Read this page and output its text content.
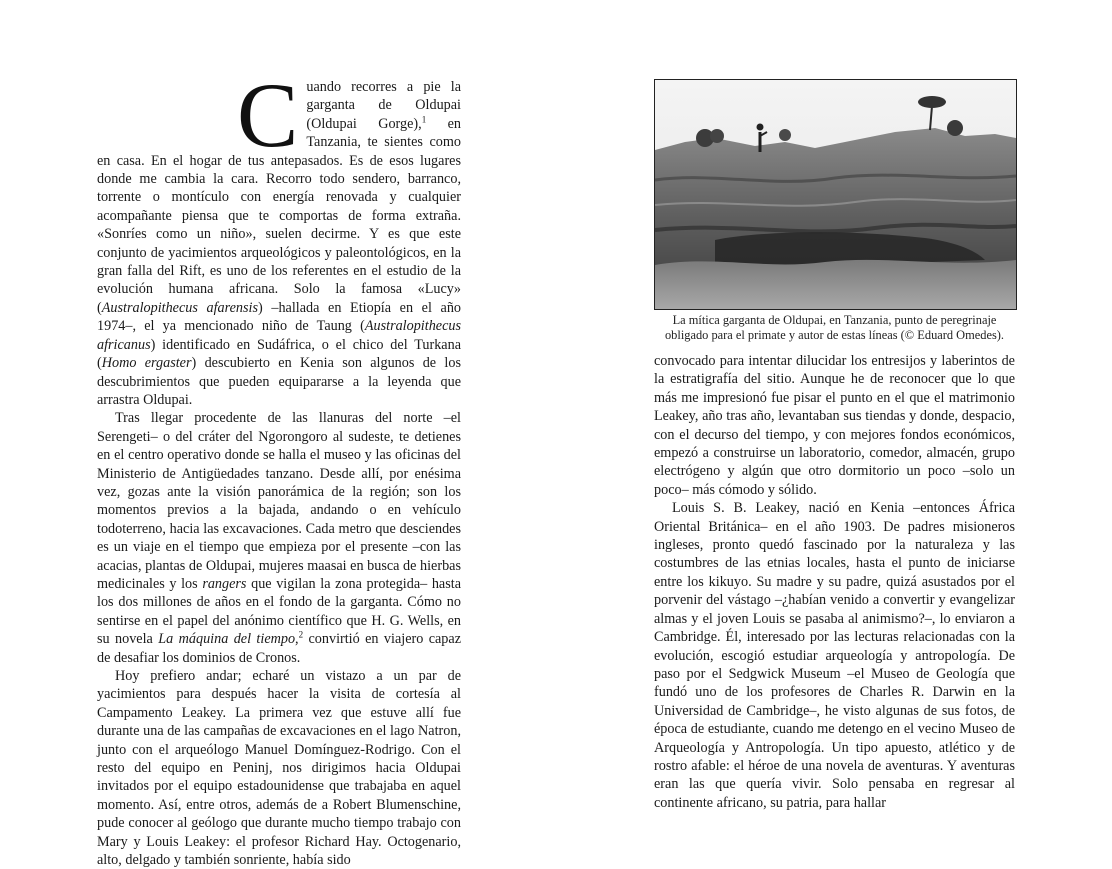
Cuando recorres a pie la garganta de Oldupai (Oldupai Gorge),$^1$ en Tanzania, te sientes como en casa. En el hogar de tus antepasados. Es de esos lugares donde me cambia la cara. Recorro todo sendero, barranco, torrente o montículo con energía renovada y cualquier acompañante piensa que te comportas de forma extraña. «Sonríes como un niño», suelen decirme. Y es que este conjunto de yacimientos arqueológicos y paleontológicos, en la gran falla del Rift, es uno de los referentes en el estudio de la evolución humana africana. Solo la famosa «Lucy» (Australopithecus afarensis) –hallada en Etiopía en el año 1974–, el ya mencionado niño de Taung (Australopithecus africanus) identificado en Sudáfrica, o el chico del Turkana (Homo ergaster) descubierto en Kenia son algunos de los descubrimientos que pueden equipararse a la leyenda que arrastra Oldupai.

Tras llegar procedente de las llanuras del norte –el Serengeti– o del cráter del Ngorongoro al sudeste, te detienes en el centro operativo donde se halla el museo y las oficinas del Ministerio de Antigüedades tanzano. Desde allí, por enésima vez, gozas ante la visión panorámica de la región; son los momentos previos a la bajada, andando o en vehículo todoterreno, hacia las excavaciones. Cada metro que desciendes es un viaje en el tiempo que empieza por el presente –con las acacias, plantas de Oldupai, mujeres maasai en busca de hierbas medicinales y los rangers que vigilan la zona protegida– hasta los dos millones de años en el fondo de la garganta. Cómo no sentirse en el papel del anónimo científico que H. G. Wells, en su novela La máquina del tiempo,$^2$ convirtió en viajero capaz de desafiar los dominios de Cronos.

Hoy prefiero andar; echaré un vistazo a un par de yacimientos para después hacer la visita de cortesía al Campamento Leakey. La primera vez que estuve allí fue durante una de las campañas de excavaciones en el lago Natron, junto con el arqueólogo Manuel Domínguez-Rodrigo. Con el resto del equipo en Peninj, nos dirigimos hacia Oldupai invitados por el equipo estadounidense que trabajaba en aquel momento. Así, entre otros, además de a Robert Blumenschine, pude conocer al geólogo que durante mucho tiempo trabajo con Mary y Louis Leakey: el profesor Richard Hay. Octogenario, alto, delgado y también sonriente, había sido

La mítica garganta de Oldupai, en Tanzania, punto de peregrinaje obligado para el primate y autor de estas líneas (© Eduard Omedes).

convocado para intentar dilucidar los entresijos y laberintos de la estratigrafía del sitio. Aunque he de reconocer que lo que más me impresionó fue pisar el punto en el que el matrimonio Leakey, año tras año, levantaban sus tiendas y donde, despacio, con el decurso del tiempo, y con mejores fondos económicos, empezó a construirse un laboratorio, comedor, almacén, grupo electrógeno y algún que otro dormitorio un poco –solo un poco– más cómodo y sólido.

Louis S. B. Leakey, nació en Kenia –entonces África Oriental Británica– en el año 1903. De padres misioneros ingleses, pronto quedó fascinado por la naturaleza y las costumbres de las etnias locales, hasta el punto de iniciarse entre los kikuyo. Su madre y su padre, quizá asustados por el porvenir del vástago –¿habían venido a convertir y evangelizar almas y el joven Louis se pasaba al animismo?–, lo enviaron a Cambridge. Él, interesado por las lecturas relacionadas con la evolución, escogió estudiar arqueología y antropología. De paso por el Sedgwick Museum –el Museo de Geología que fundó uno de los profesores de Charles R. Darwin en la Universidad de Cambridge–, he visto algunas de sus fotos, de época de estudiante, cuando me detengo en el vecino Museo de Arqueología y Antropología. Un tipo apuesto, atlético y de rostro afable: el héroe de una novela de aventuras. Y aventuras eran las que quería vivir. Solo pensaba en regresar al continente africano, su patria, para hallar
